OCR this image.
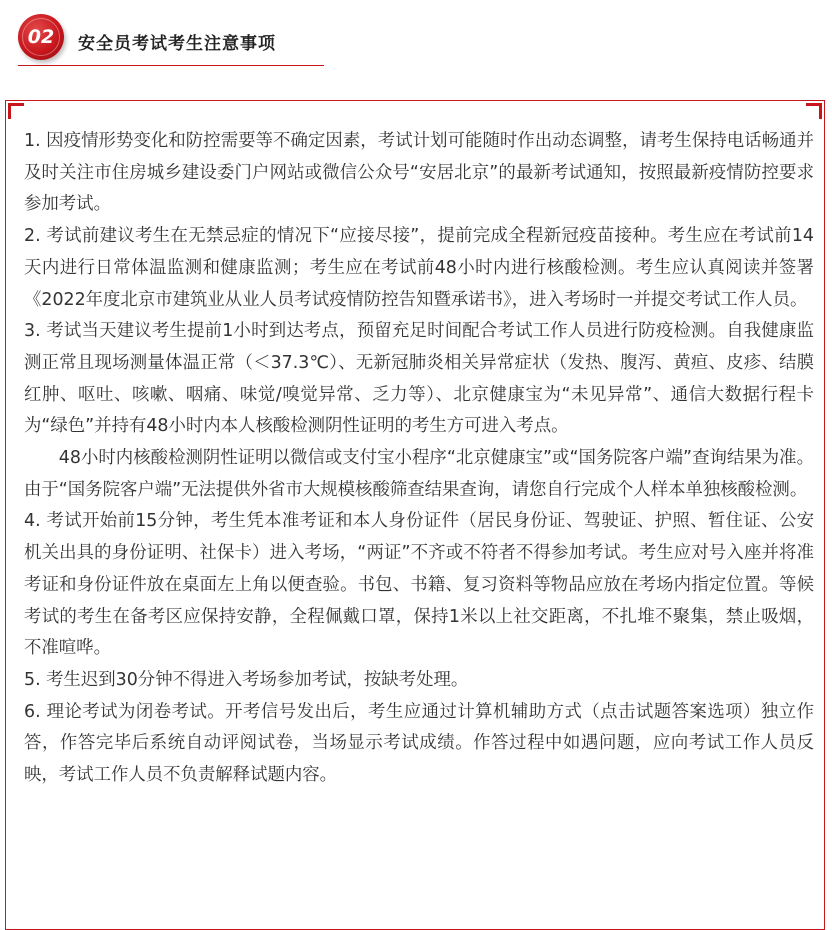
02	安全员考试考生注意事项

1. 因疫情形势变化和防控需要等不确定因素，考试计划可能随时作出动态调整，请考生保持电话畅通并及时关注市住房城乡建设委门户网站或微信公众号“安居北京”的最新考试通知，按照最新疫情防控要求参加考试。

2. 考试前建议考生在无禁忌症的情况下“应接尽接”，提前完成全程新冠疫苗接种。考生应在考试前14天内进行日常体温监测和健康监测；考生应在考试前48小时内进行核酸检测。考生应认真阅读并签署《2022年度北京市建筑业从业人员考试疫情防控告知暨承诺书》，进入考场时一并提交考试工作人员。

3. 考试当天建议考生提前1小时到达考点，预留充足时间配合考试工作人员进行防疫检测。自我健康监测正常且现场测量体温正常（＜37.3℃）、无新冠肺炎相关异常症状（发热、腹泻、黄疸、皮疹、结膜红肿、呕吐、咳嗽、咽痛、味觉/嗅觉异常、乏力等）、北京健康宝为“未见异常”、通信大数据行程卡为“绿色”并持有48小时内本人核酸检测阴性证明的考生方可进入考点。

48小时内核酸检测阴性证明以微信或支付宝小程序“北京健康宝”或“国务院客户端”查询结果为准。由于“国务院客户端”无法提供外省市大规模核酸筛查结果查询，请您自行完成个人样本单独核酸检测。

4. 考试开始前15分钟，考生凭本准考证和本人身份证件（居民身份证、驾驶证、护照、暂住证、公安机关出具的身份证明、社保卡）进入考场，“两证”不齐或不符者不得参加考试。考生应对号入座并将准考证和身份证件放在桌面左上角以便查验。书包、书籍、复习资料等物品应放在考场内指定位置。等候考试的考生在备考区应保持安静，全程佩戴口罩，保持1米以上社交距离，不扎堆不聚集，禁止吸烟，不准喧哗。

5. 考生迟到30分钟不得进入考场参加考试，按缺考处理。

6. 理论考试为闭卷考试。开考信号发出后，考生应通过计算机辅助方式（点击试题答案选项）独立作答，作答完毕后系统自动评阅试卷，当场显示考试成绩。作答过程中如遇问题，应向考试工作人员反映，考试工作人员不负责解释试题内容。
